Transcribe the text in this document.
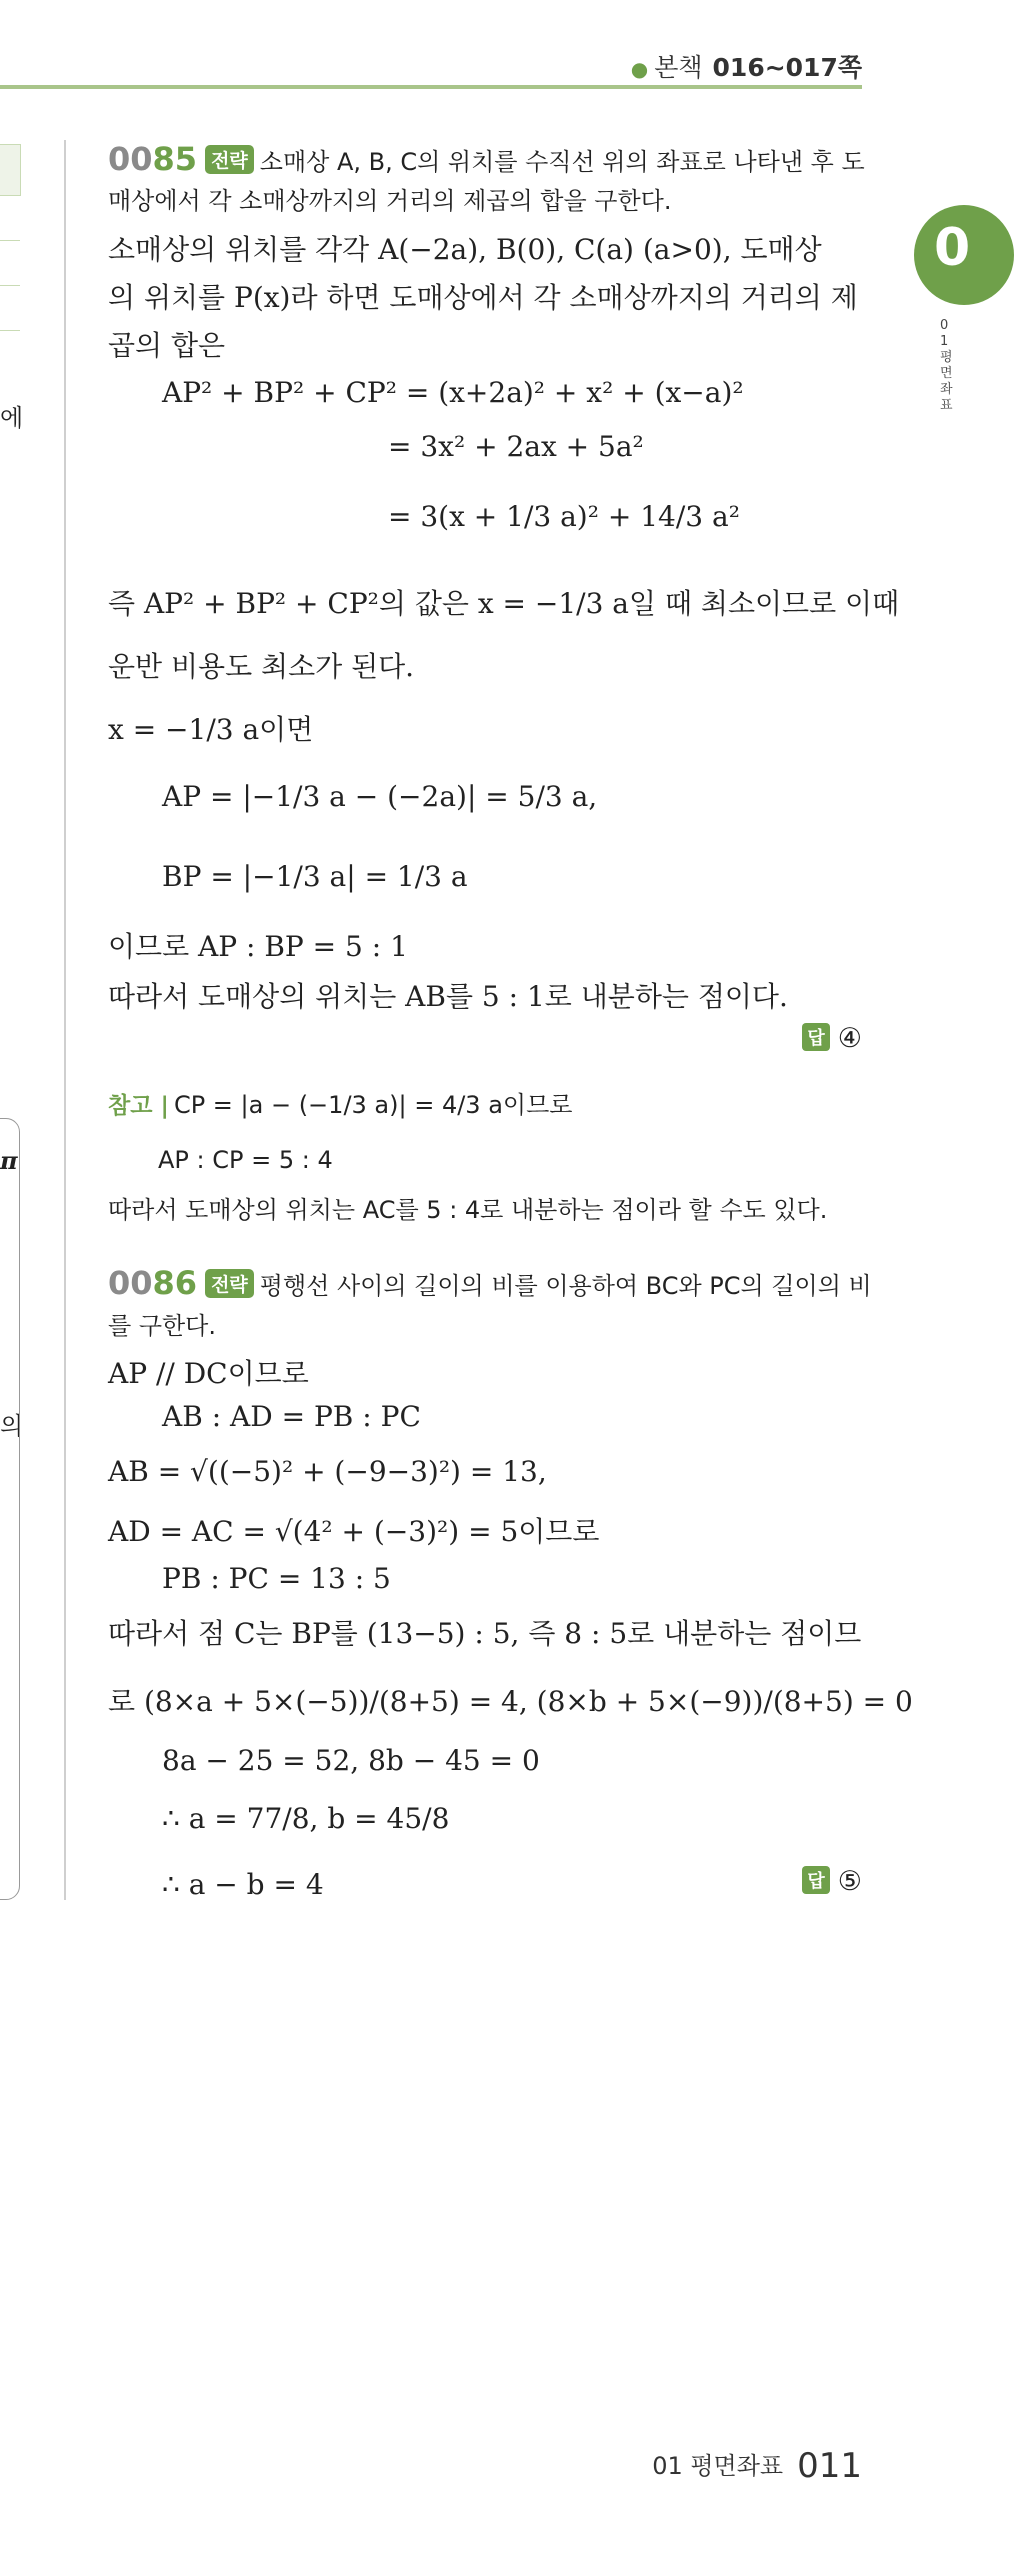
● 본책 016~017쪽
에
π
의
0
01 평면좌표
0085 전략 소매상 A, B, C의 위치를 수직선 위의 좌표로 나타낸 후 도
매상에서 각 소매상까지의 거리의 제곱의 합을 구한다.
소매상의 위치를 각각 A(−2a), B(0), C(a) (a>0), 도매상
의 위치를 P(x)라 하면 도매상에서 각 소매상까지의 거리의 제
곱의 합은
AP² + BP² + CP² = (x+2a)² + x² + (x−a)²
= 3x² + 2ax + 5a²
= 3(x + 1/3 a)² + 14/3 a²
즉 AP² + BP² + CP²의 값은 x = −1/3 a일 때 최소이므로 이때
운반 비용도 최소가 된다.
x = −1/3 a이면
AP = |−1/3 a − (−2a)| = 5/3 a,
BP = |−1/3 a| = 1/3 a
이므로 AP : BP = 5 : 1
따라서 도매상의 위치는 AB를 5 : 1로 내분하는 점이다.
답 ④
참고 | CP = |a − (−1/3 a)| = 4/3 a이므로
AP : CP = 5 : 4
따라서 도매상의 위치는 AC를 5 : 4로 내분하는 점이라 할 수도 있다.
0086 전략 평행선 사이의 길이의 비를 이용하여 BC와 PC의 길이의 비
를 구한다.
AP // DC이므로
AB : AD = PB : PC
AB = √((−5)² + (−9−3)²) = 13,
AD = AC = √(4² + (−3)²) = 5이므로
PB : PC = 13 : 5
따라서 점 C는 BP를 (13−5) : 5, 즉 8 : 5로 내분하는 점이므
로 (8×a + 5×(−5))/(8+5) = 4, (8×b + 5×(−9))/(8+5) = 0
8a − 25 = 52, 8b − 45 = 0
∴ a = 77/8, b = 45/8
∴ a − b = 4	답 ⑤
01 평면좌표 011
